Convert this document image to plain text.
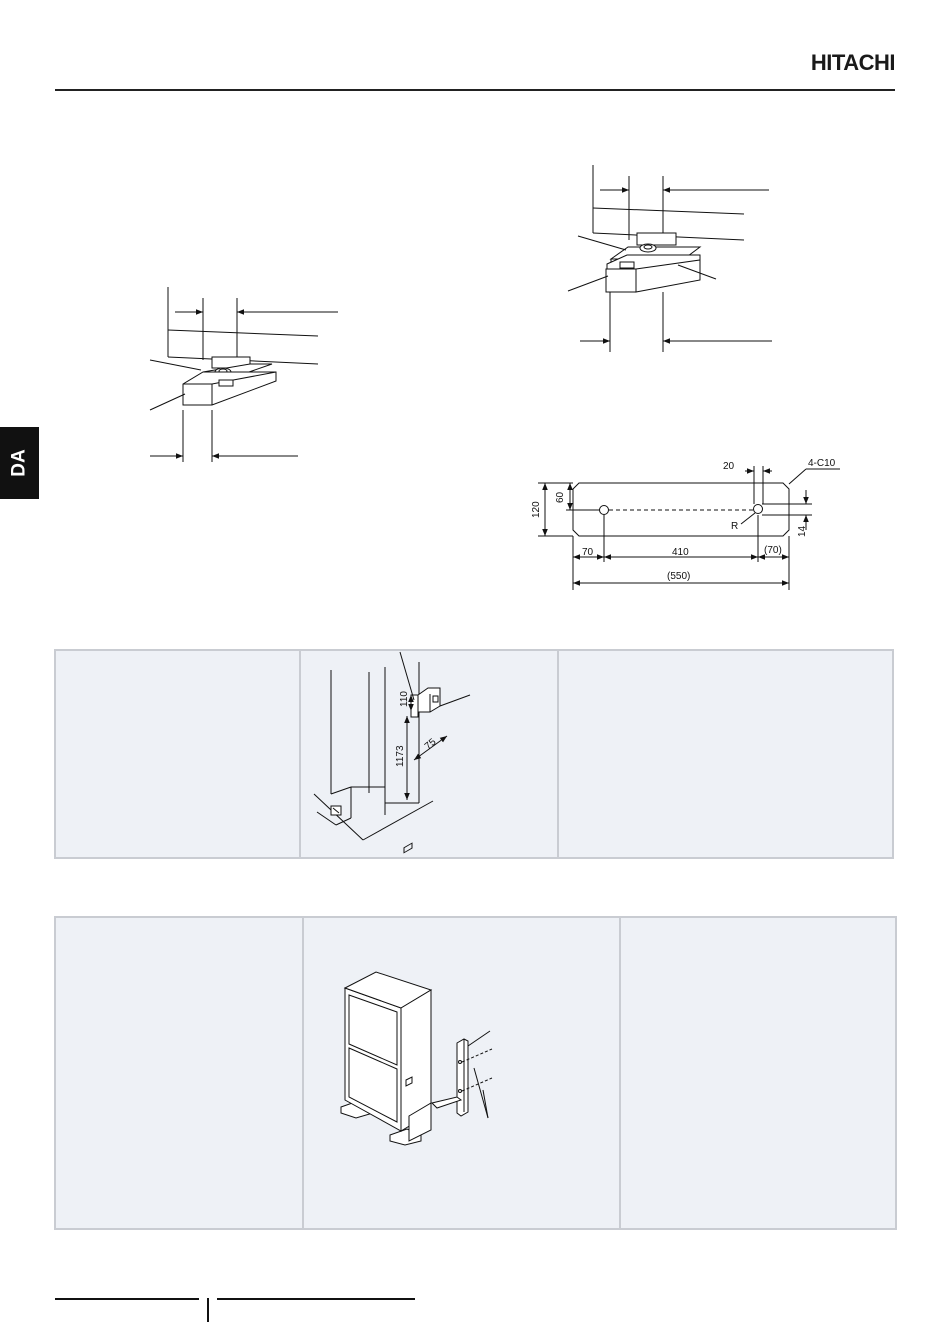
HITACHI
DA	20	4-C10
60
120
R	14
70	410	(70)
(550)
110
1173
75
